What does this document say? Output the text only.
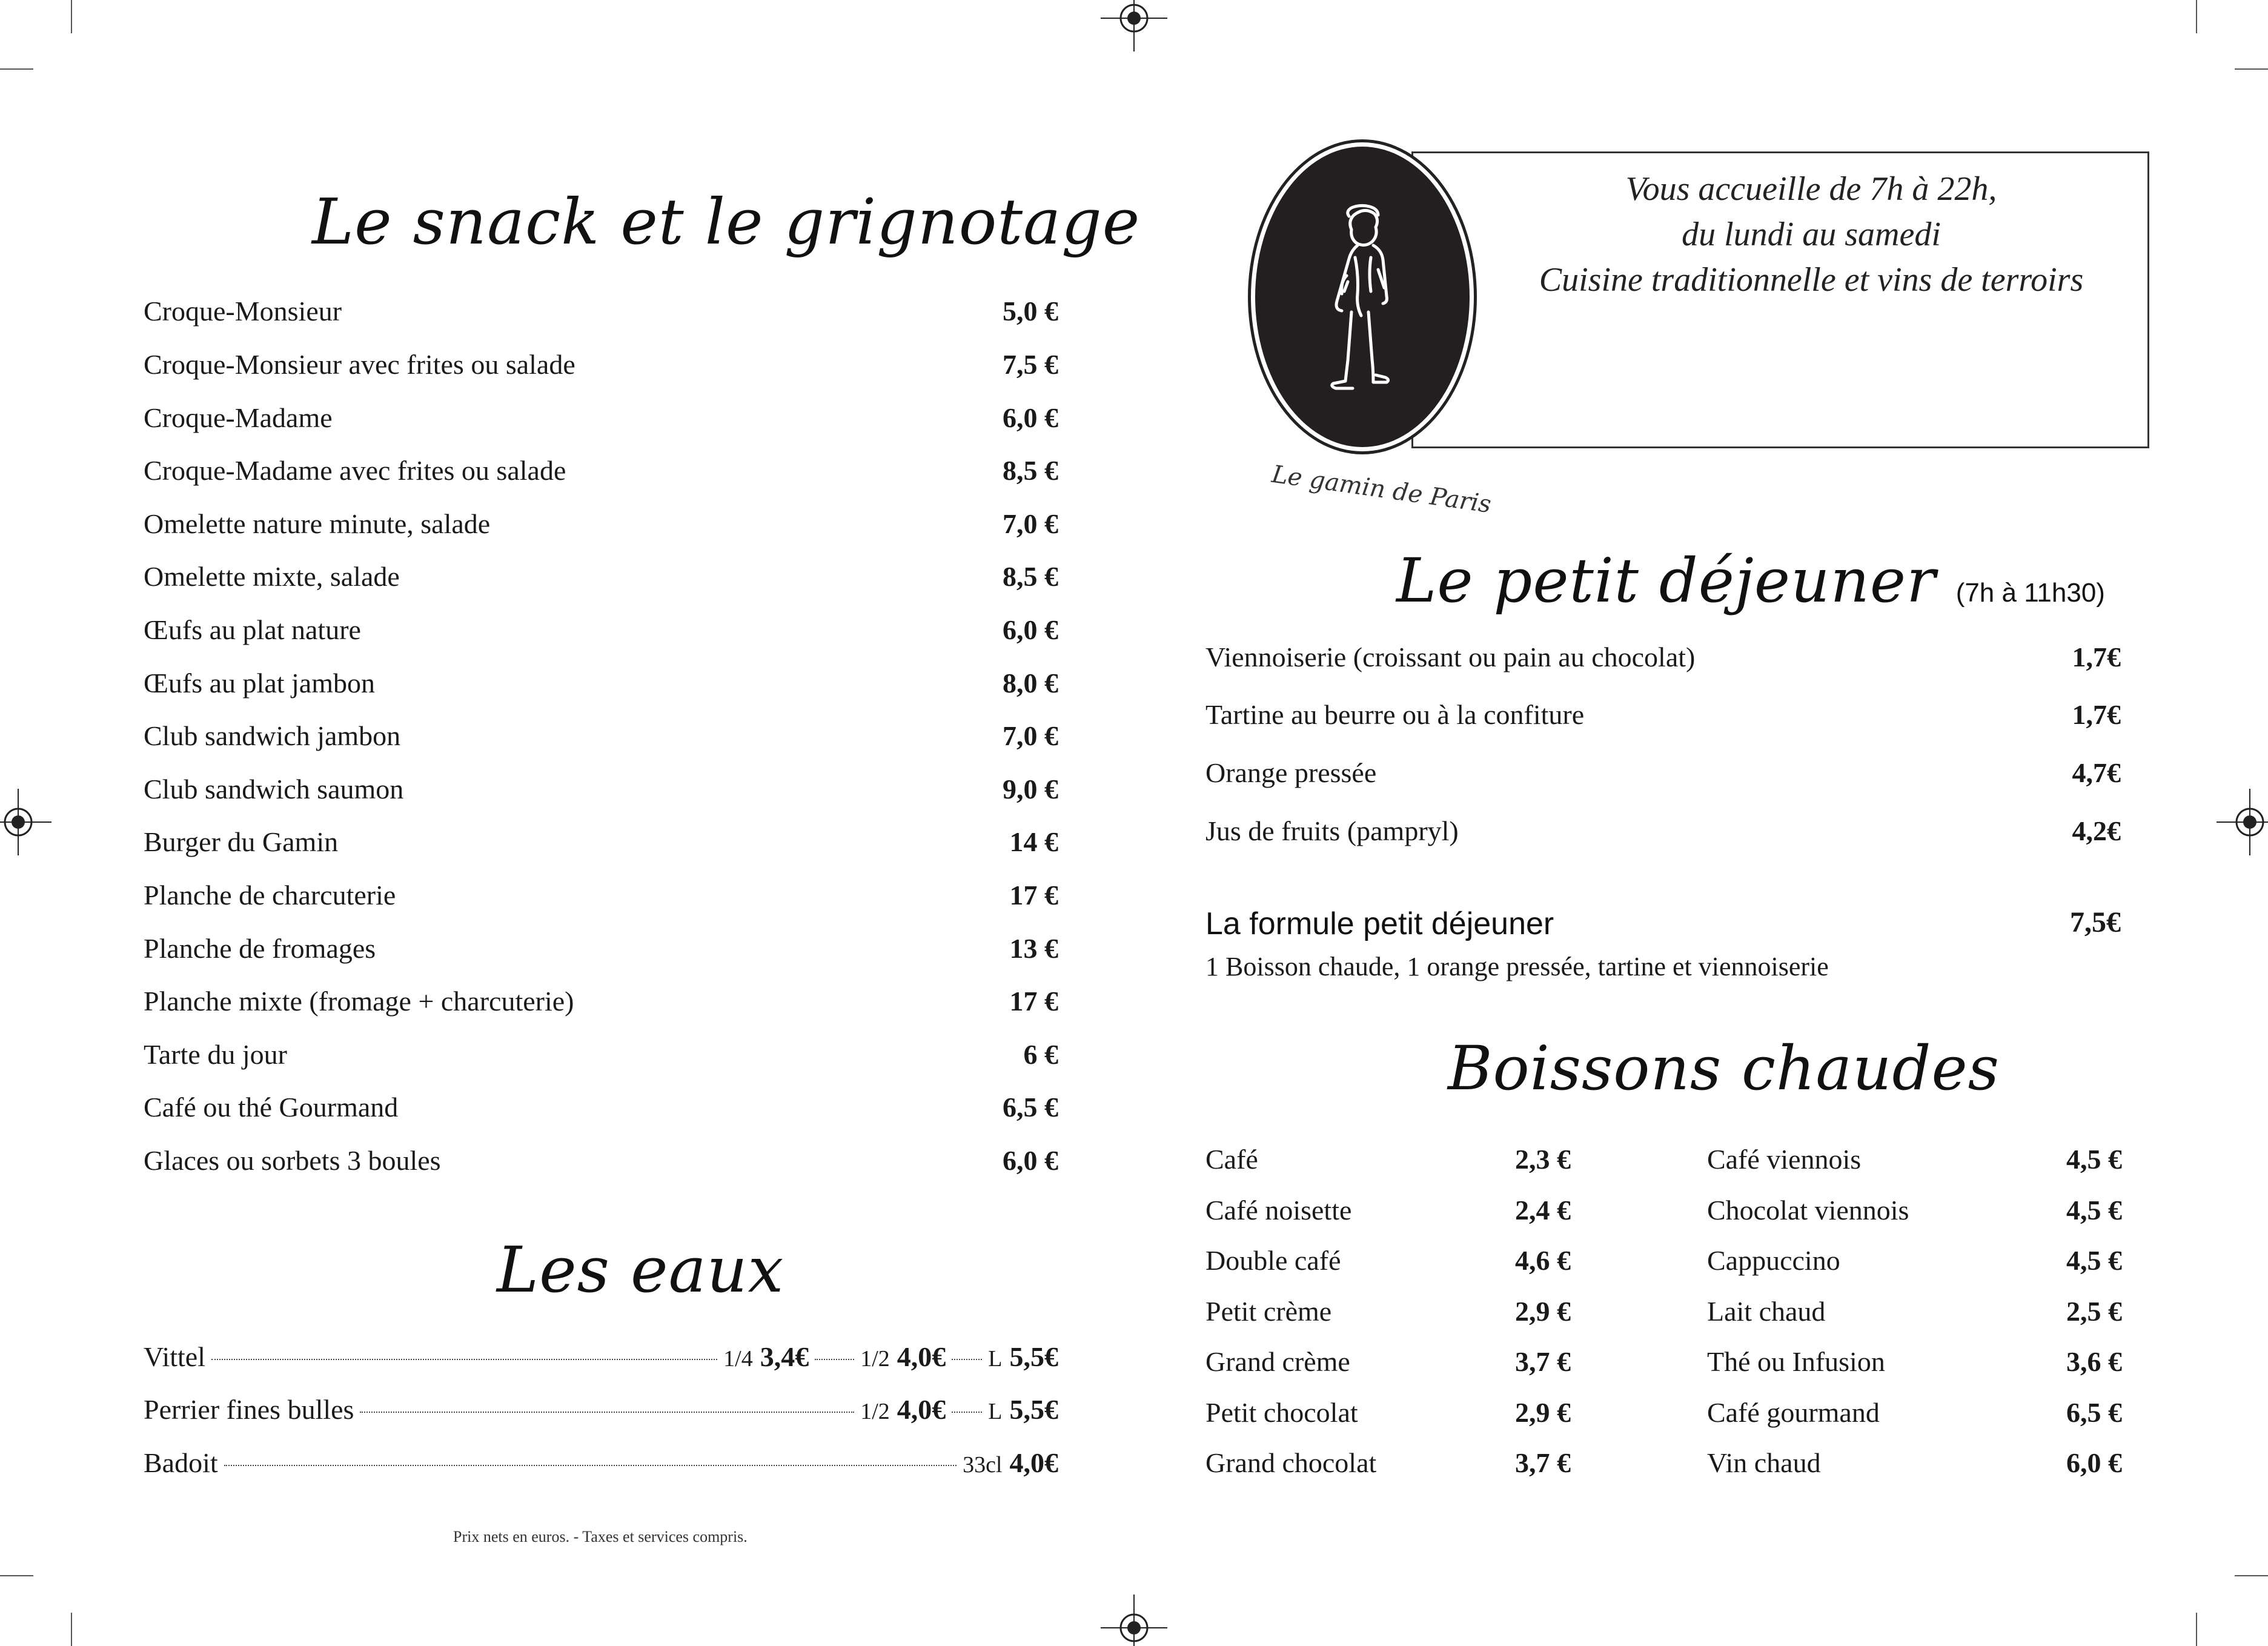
Le snack et le grignotage
Croque-Monsieur	5,0 €
Croque-Monsieur avec frites ou salade	7,5 €
Croque-Madame	6,0 €
Croque-Madame avec frites ou salade	8,5 €
Omelette nature minute, salade	7,0 €
Omelette mixte, salade	8,5 €
Œufs au plat nature	6,0 €
Œufs au plat jambon	8,0 €
Club sandwich jambon	7,0 €
Club sandwich saumon	9,0 €
Burger du Gamin	14 €
Planche de charcuterie	17 €
Planche de fromages	13 €
Planche mixte (fromage + charcuterie)	17 €
Tarte du jour	6 €
Café ou thé Gourmand	6,5 €
Glaces ou sorbets 3 boules	6,0 €
Les eaux
Vittel	1/4 3,4€ 1/2 4,0€ L 5,5€
Perrier fines bulles	1/2 4,0€ L 5,5€
Badoit	33cl 4,0€
Prix nets en euros. - Taxes et services compris.
Le gamin de Paris
Vous accueille de 7h à 22h,
du lundi au samedi
Cuisine traditionnelle et vins de terroirs
Le petit déjeuner (7h à 11h30)
Viennoiserie (croissant ou pain au chocolat)	1,7€
Tartine au beurre ou à la confiture	1,7€
Orange pressée	4,7€
Jus de fruits (pampryl)	4,2€
La formule petit déjeuner	7,5€
1 Boisson chaude, 1 orange pressée, tartine et viennoiserie
Boissons chaudes
Café	2,3 €
Café noisette	2,4 €
Double café	4,6 €
Petit crème	2,9 €
Grand crème	3,7 €
Petit chocolat	2,9 €
Grand chocolat	3,7 €
Café viennois	4,5 €
Chocolat viennois	4,5 €
Cappuccino	4,5 €
Lait chaud	2,5 €
Thé ou Infusion	3,6 €
Café gourmand	6,5 €
Vin chaud	6,0 €
